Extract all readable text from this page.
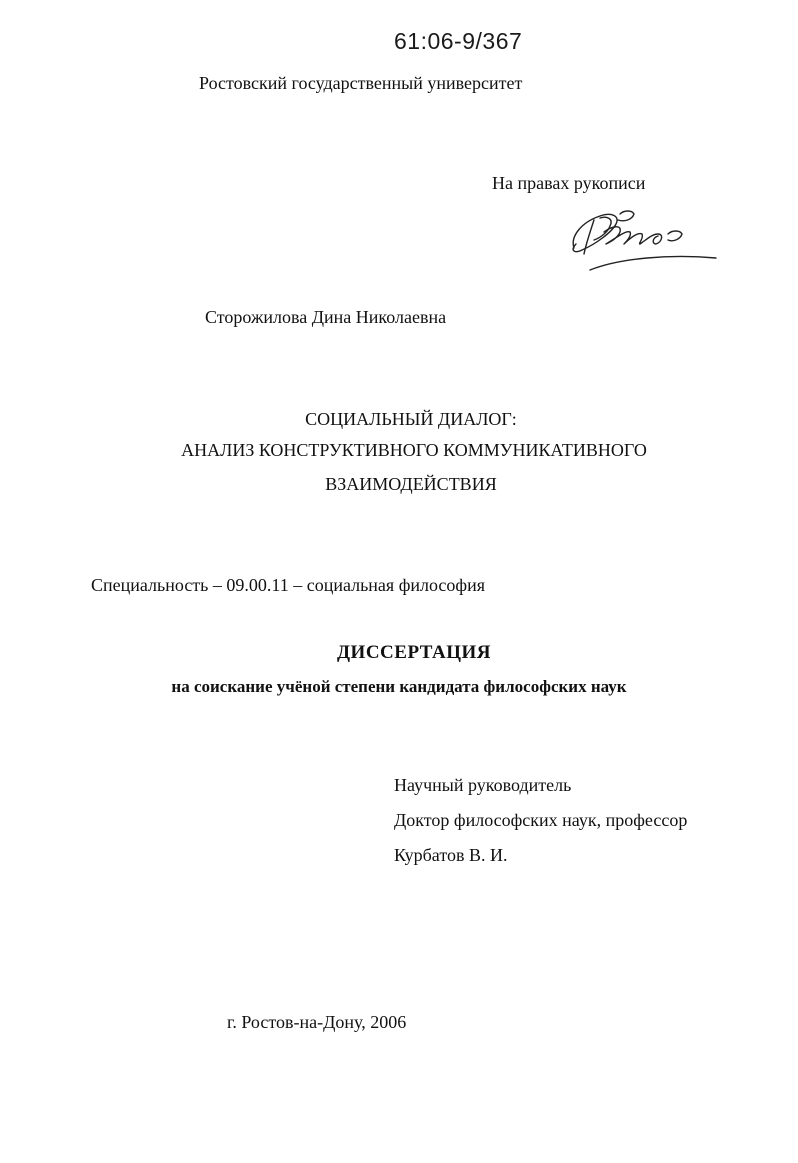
61:06-9/367
Ростовский государственный университет
На правах рукописи
Сторожилова Дина Николаевна
СОЦИАЛЬНЫЙ ДИАЛОГ:
АНАЛИЗ КОНСТРУКТИВНОГО КОММУНИКАТИВНОГО
ВЗАИМОДЕЙСТВИЯ
Специальность – 09.00.11 – социальная философия
ДИССЕРТАЦИЯ
на соискание учёной степени кандидата философских наук
Научный руководитель
Доктор философских наук, профессор
Курбатов В. И.
г. Ростов-на-Дону, 2006
